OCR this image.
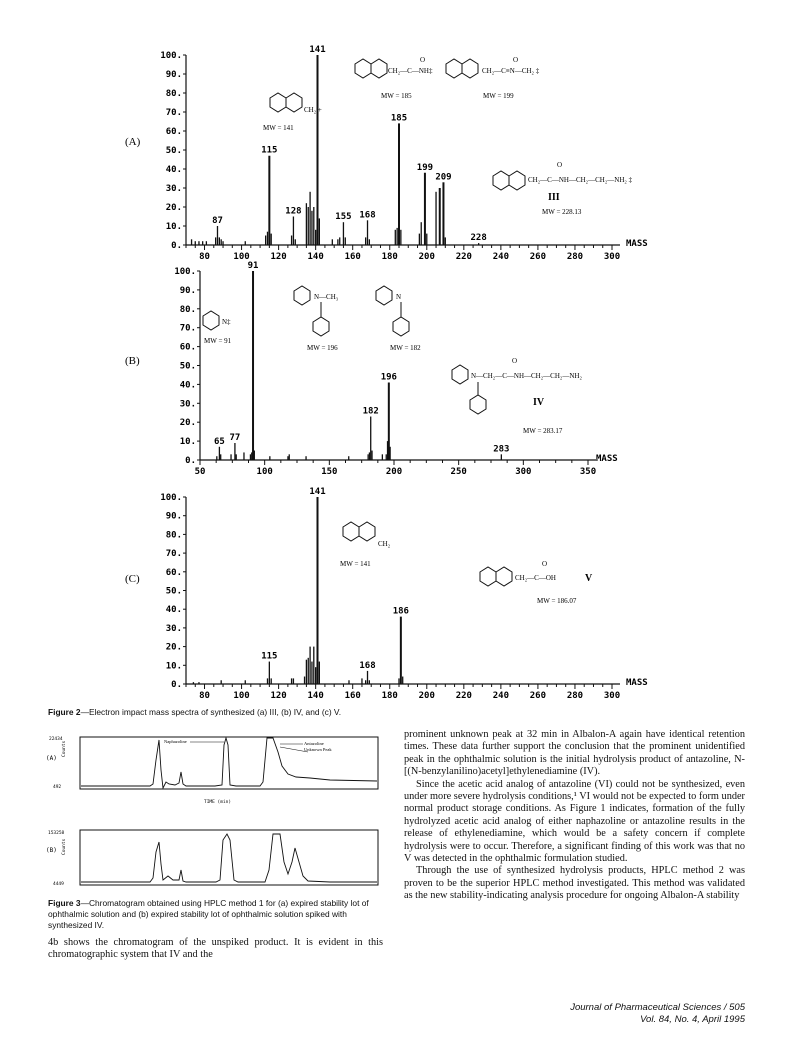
(A)
100.
90.
80.
70.
60.
50.
40.
30.
20.
10.
0.
80	100 120 140 160 180 200 220 240 260 280 300
87
115
128
141
155 168
185
199
209
228
MASS
CH₂ +
MW = 141
CH₂—C—NH‡
O
MW = 185
CH₂—C≡N—CH₂ ‡
O
MW = 199
CH₂—C—NH—CH₂—CH₂—NH₂ ‡
O
III
MW = 228.13
(B)
100.
90.
80.
70.
60.
50.
40.
30.
20.
10.
0.
50	100	150	200	250	300	350
65 77
91
182
196
283
MASS
N‡
MW = 91
N—CH₃
MW = 196
N
MW = 182
N—CH₂—C—NH—CH₂—CH₂—NH₂
O
IV
MW = 283.17
(C)
100.
90.
80.
70.
60.
50.
40.
30.
20.
10.
0.
80	100 120 140 160 180 200 220 240 260 280 300
115
141
168
186
MASS
CH₂
MW = 141
CH₂—C—OH
O
V
MW = 186.07
Figure 2—Electron impact mass spectra of synthesized (a) III, (b) IV, and (c) V.
(A)
Counts
22434
492
Naphazoline	Antazoline
Unknown Peak
TIME (min)
(B) Counts
153258
4449
Figure 3—Chromatogram obtained using HPLC method 1 for (a) expired stability lot of ophthalmic solution and (b) expired stability lot of ophthalmic solution spiked with synthesized IV.

4b shows the chromatogram of the unspiked product. It is evident in this chromatographic system that IV and the

prominent unknown peak at 32 min in Albalon-A again have identical retention times. These data further support the conclusion that the prominent unidentified peak in the ophthalmic solution is the initial hydrolysis product of antazoline, N-[(N-benzylanilino)acetyl]ethylenediamine (IV).

Since the acetic acid analog of antazoline (VI) could not be synthesized, even under more severe hydrolysis conditions,¹ VI would not be expected to form under normal product storage conditions. As Figure 1 indicates, formation of the fully hydrolyzed acetic acid analog of either naphazoline or antazoline results in the release of ethylenediamine, which would be a safety concern if complete hydrolysis were to occur. Therefore, a significant finding of this work was that no V was detected in the ophthalmic formulation studied.

Through the use of synthesized hydrolysis products, HPLC method 2 was proven to be the superior HPLC method investigated. This method was validated as the new stability-indicating analysis procedure for ongoing Albalon-A stability

Journal of Pharmaceutical Sciences / 505
Vol. 84, No. 4, April 1995
